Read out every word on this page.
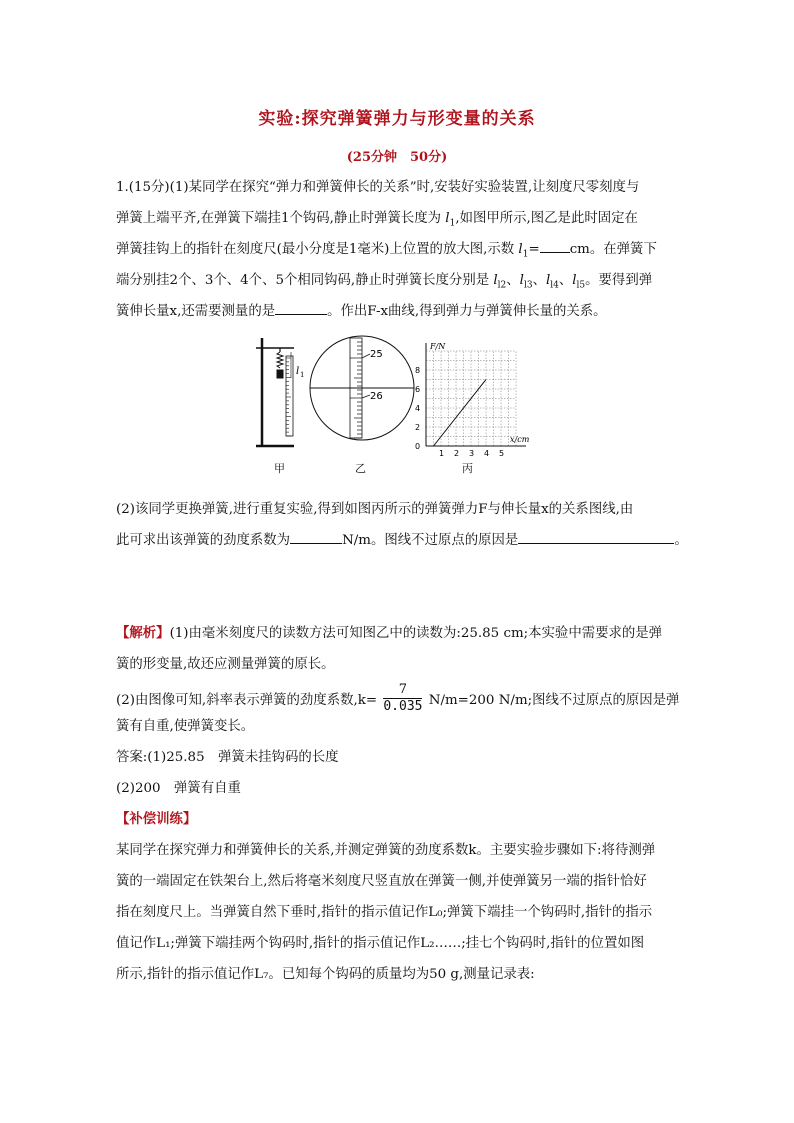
实验:探究弹簧弹力与形变量的关系
(25分钟　50分)
1.(15分)(1)某同学在探究“弹力和弹簧伸长的关系”时,安装好实验装置,让刻度尺零刻度与
弹簧上端平齐,在弹簧下端挂1个钩码,静止时弹簧长度为 $l_1$,如图甲所示,图乙是此时固定在
弹簧挂钩上的指针在刻度尺(最小分度是1毫米)上位置的放大图,示数 $l_1=$ cm。在弹簧下
端分别挂2个、3个、4个、5个相同钩码,静止时弹簧长度分别是 $l_{l2}$、$l_{l3}$、$l_{l4}$、$l_{l5}$。要得到弹
簧伸长量x,还需要测量的是	。作出F-x曲线,得到弹力与弹簧伸长量的关系。
l 1
25
26
F/N
x/cm
0
2
4
6
8
1 2 3 4 5
甲	乙	丙
(2)该同学更换弹簧,进行重复实验,得到如图丙所示的弹簧弹力F与伸长量x的关系图线,由
此可求出该弹簧的劲度系数为	N/m。图线不过原点的原因是	。
【解析】(1)由毫米刻度尺的读数方法可知图乙中的读数为:25.85 cm;本实验中需要求的是弹
簧的形变量,故还应测量弹簧的原长。
(2)由图像可知,斜率表示弹簧的劲度系数$,k= \frac{7}{0.035} N/m=200$ N/m;图线不过原点的原因是弹
簧有自重,使弹簧变长。
答案:(1)25.85　弹簧未挂钩码的长度
(2)200　弹簧有自重
【补偿训练】
某同学在探究弹力和弹簧伸长的关系,并测定弹簧的劲度系数k。主要实验步骤如下:将待测弹
簧的一端固定在铁架台上,然后将毫米刻度尺竖直放在弹簧一侧,并使弹簧另一端的指针恰好
指在刻度尺上。当弹簧自然下垂时,指针的指示值记作L₀;弹簧下端挂一个钩码时,指针的指示
值记作L₁;弹簧下端挂两个钩码时,指针的指示值记作L₂……;挂七个钩码时,指针的位置如图
所示,指针的指示值记作L₇。已知每个钩码的质量均为50 g,测量记录表:
